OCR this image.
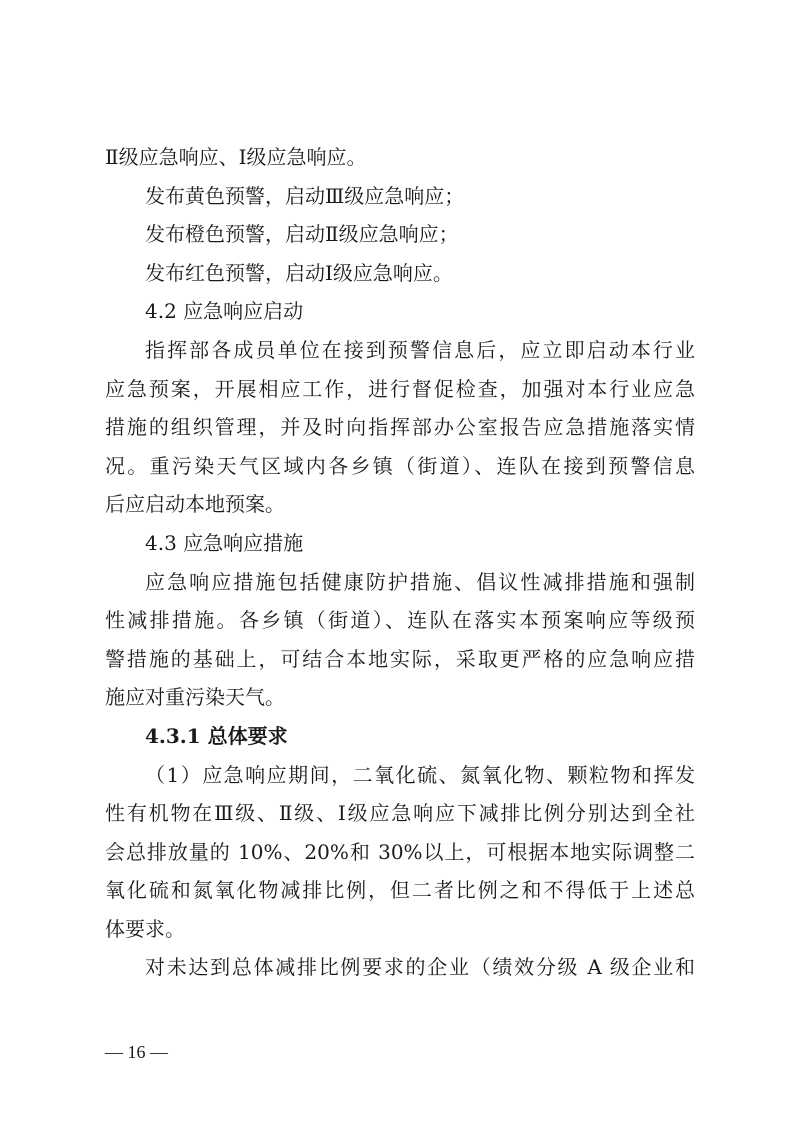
Ⅱ级应急响应、Ⅰ级应急响应。
发布黄色预警，启动Ⅲ级应急响应；
发布橙色预警，启动Ⅱ级应急响应；
发布红色预警，启动Ⅰ级应急响应。
4.2 应急响应启动
指挥部各成员单位在接到预警信息后，应立即启动本行业
应急预案，开展相应工作，进行督促检查，加强对本行业应急
措施的组织管理，并及时向指挥部办公室报告应急措施落实情
况。重污染天气区域内各乡镇（街道）、连队在接到预警信息
后应启动本地预案。
4.3 应急响应措施
应急响应措施包括健康防护措施、倡议性减排措施和强制
性减排措施。各乡镇（街道）、连队在落实本预案响应等级预
警措施的基础上，可结合本地实际，采取更严格的应急响应措
施应对重污染天气。
4.3.1 总体要求
（1）应急响应期间，二氧化硫、氮氧化物、颗粒物和挥发
性有机物在Ⅲ级、Ⅱ级、Ⅰ级应急响应下减排比例分别达到全社
会总排放量的 10%、20%和 30%以上，可根据本地实际调整二
氧化硫和氮氧化物减排比例，但二者比例之和不得低于上述总
体要求。
对未达到总体减排比例要求的企业（绩效分级 A 级企业和
— 16 —
